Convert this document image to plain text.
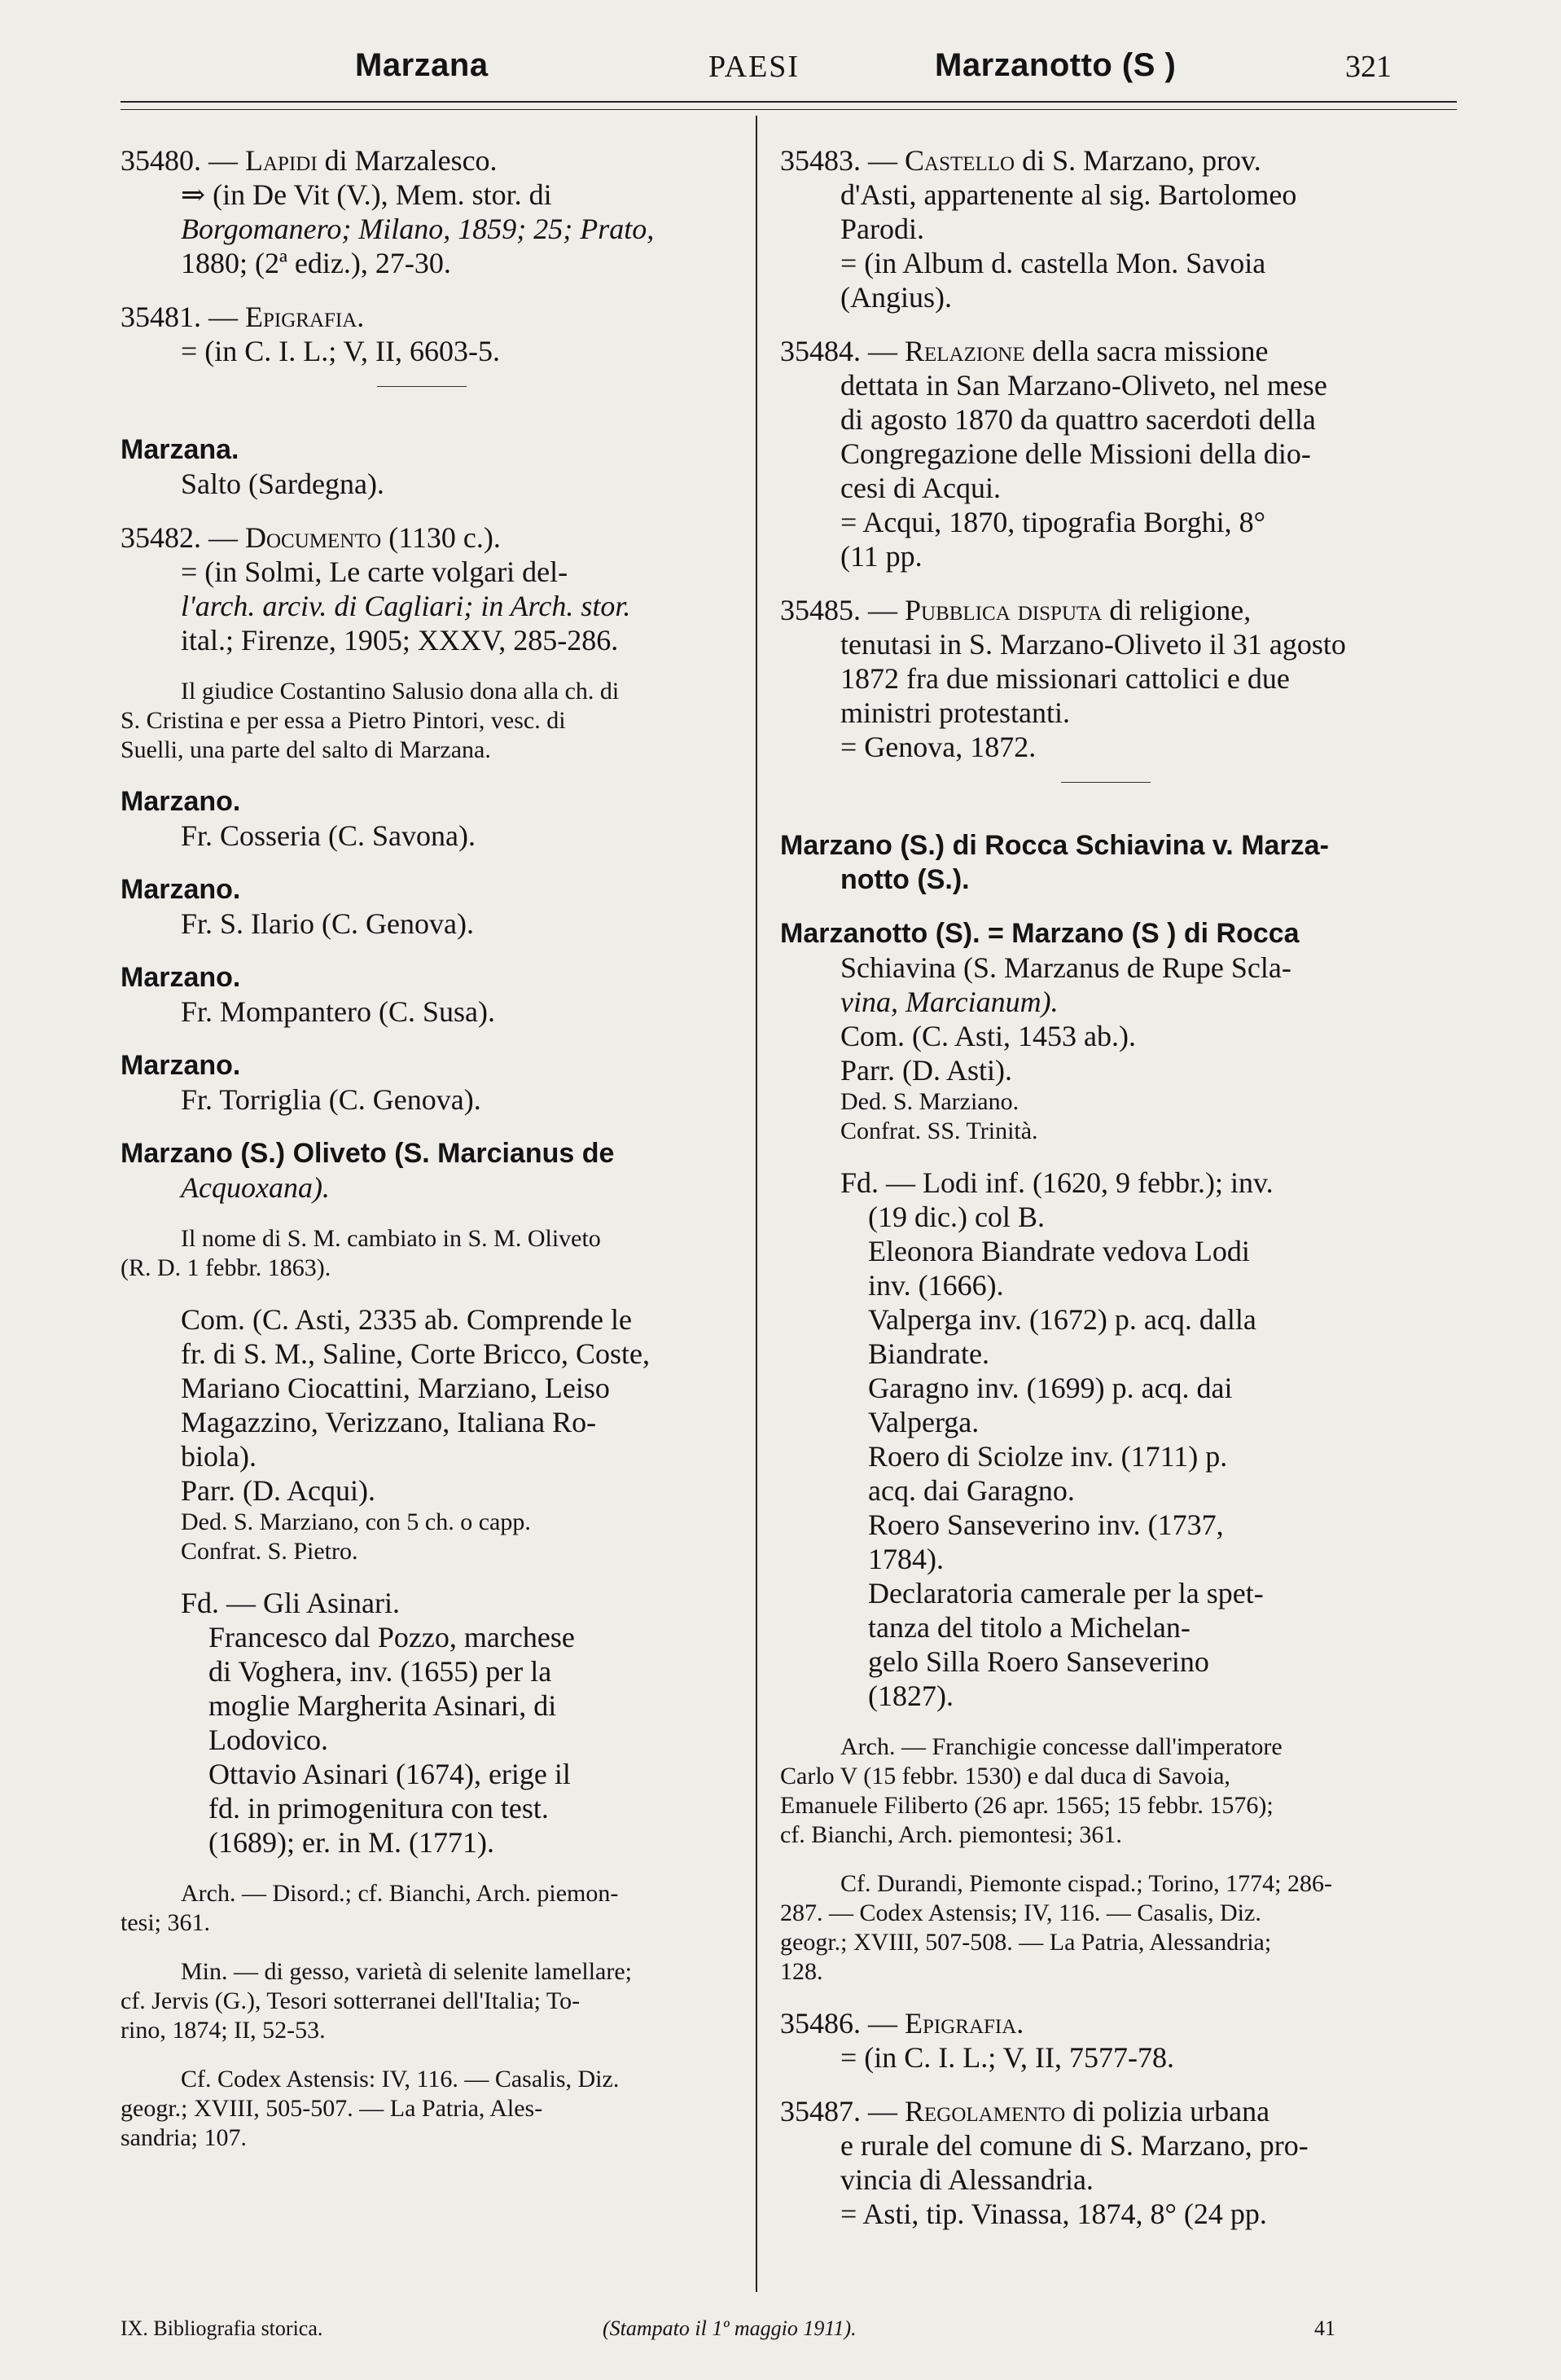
Marzana	PAESI	Marzanotto (S )	321

35480. — Lapidi di Marzalesco.

⇒ (in De Vit (V.), Mem. stor. di

Borgomanero; Milano, 1859; 25; Prato,

1880; (2ª ediz.), 27-30.

35481. — Epigrafia.

= (in C. I. L.; V, II, 6603-5.

Marzana.

Salto (Sardegna).

35482. — Documento (1130 c.).

= (in Solmi, Le carte volgari del-

l'arch. arciv. di Cagliari; in Arch. stor.

ital.; Firenze, 1905; XXXV, 285-286.

Il giudice Costantino Salusio dona alla ch. di

S. Cristina e per essa a Pietro Pintori, vesc. di

Suelli, una parte del salto di Marzana.

Marzano.

Fr. Cosseria (C. Savona).

Marzano.

Fr. S. Ilario (C. Genova).

Marzano.

Fr. Mompantero (C. Susa).

Marzano.

Fr. Torriglia (C. Genova).

Marzano (S.) Oliveto (S. Marcianus de

Acquoxana).

Il nome di S. M. cambiato in S. M. Oliveto

(R. D. 1 febbr. 1863).

Com. (C. Asti, 2335 ab. Comprende le

fr. di S. M., Saline, Corte Bricco, Coste,

Mariano Ciocattini, Marziano, Leiso

Magazzino, Verizzano, Italiana Ro-

biola).

Parr. (D. Acqui).

Ded. S. Marziano, con 5 ch. o capp.

Confrat. S. Pietro.

Fd. — Gli Asinari.

Francesco dal Pozzo, marchese

di Voghera, inv. (1655) per la

moglie Margherita Asinari, di

Lodovico.

Ottavio Asinari (1674), erige il

fd. in primogenitura con test.

(1689); er. in M. (1771).

Arch. — Disord.; cf. Bianchi, Arch. piemon-

tesi; 361.

Min. — di gesso, varietà di selenite lamellare;

cf. Jervis (G.), Tesori sotterranei dell'Italia; To-

rino, 1874; II, 52-53.

Cf. Codex Astensis: IV, 116. — Casalis, Diz.

geogr.; XVIII, 505-507. — La Patria, Ales-

sandria; 107.

35483. — Castello di S. Marzano, prov.

d'Asti, appartenente al sig. Bartolomeo

Parodi.

= (in Album d. castella Mon. Savoia

(Angius).

35484. — Relazione della sacra missione

dettata in San Marzano-Oliveto, nel mese

di agosto 1870 da quattro sacerdoti della

Congregazione delle Missioni della dio-

cesi di Acqui.

= Acqui, 1870, tipografia Borghi, 8°

(11 pp.

35485. — Pubblica disputa di religione,

tenutasi in S. Marzano-Oliveto il 31 agosto

1872 fra due missionari cattolici e due

ministri protestanti.

= Genova, 1872.

Marzano (S.) di Rocca Schiavina v. Marza-

notto (S.).

Marzanotto (S). = Marzano (S ) di Rocca

Schiavina (S. Marzanus de Rupe Scla-

vina, Marcianum).

Com. (C. Asti, 1453 ab.).

Parr. (D. Asti).

Ded. S. Marziano.

Confrat. SS. Trinità.

Fd. — Lodi inf. (1620, 9 febbr.); inv.

(19 dic.) col B.

Eleonora Biandrate vedova Lodi

inv. (1666).

Valperga inv. (1672) p. acq. dalla

Biandrate.

Garagno inv. (1699) p. acq. dai

Valperga.

Roero di Sciolze inv. (1711) p.

acq. dai Garagno.

Roero Sanseverino inv. (1737,

1784).

Declaratoria camerale per la spet-

tanza del titolo a Michelan-

gelo Silla Roero Sanseverino

(1827).

Arch. — Franchigie concesse dall'imperatore

Carlo V (15 febbr. 1530) e dal duca di Savoia,

Emanuele Filiberto (26 apr. 1565; 15 febbr. 1576);

cf. Bianchi, Arch. piemontesi; 361.

Cf. Durandi, Piemonte cispad.; Torino, 1774; 286-

287. — Codex Astensis; IV, 116. — Casalis, Diz.

geogr.; XVIII, 507-508. — La Patria, Alessandria;

128.

35486. — Epigrafia.

= (in C. I. L.; V, II, 7577-78.

35487. — Regolamento di polizia urbana

e rurale del comune di S. Marzano, pro-

vincia di Alessandria.

= Asti, tip. Vinassa, 1874, 8° (24 pp.

IX. Bibliografia storica.	(Stampato il 1º maggio 1911).	41
